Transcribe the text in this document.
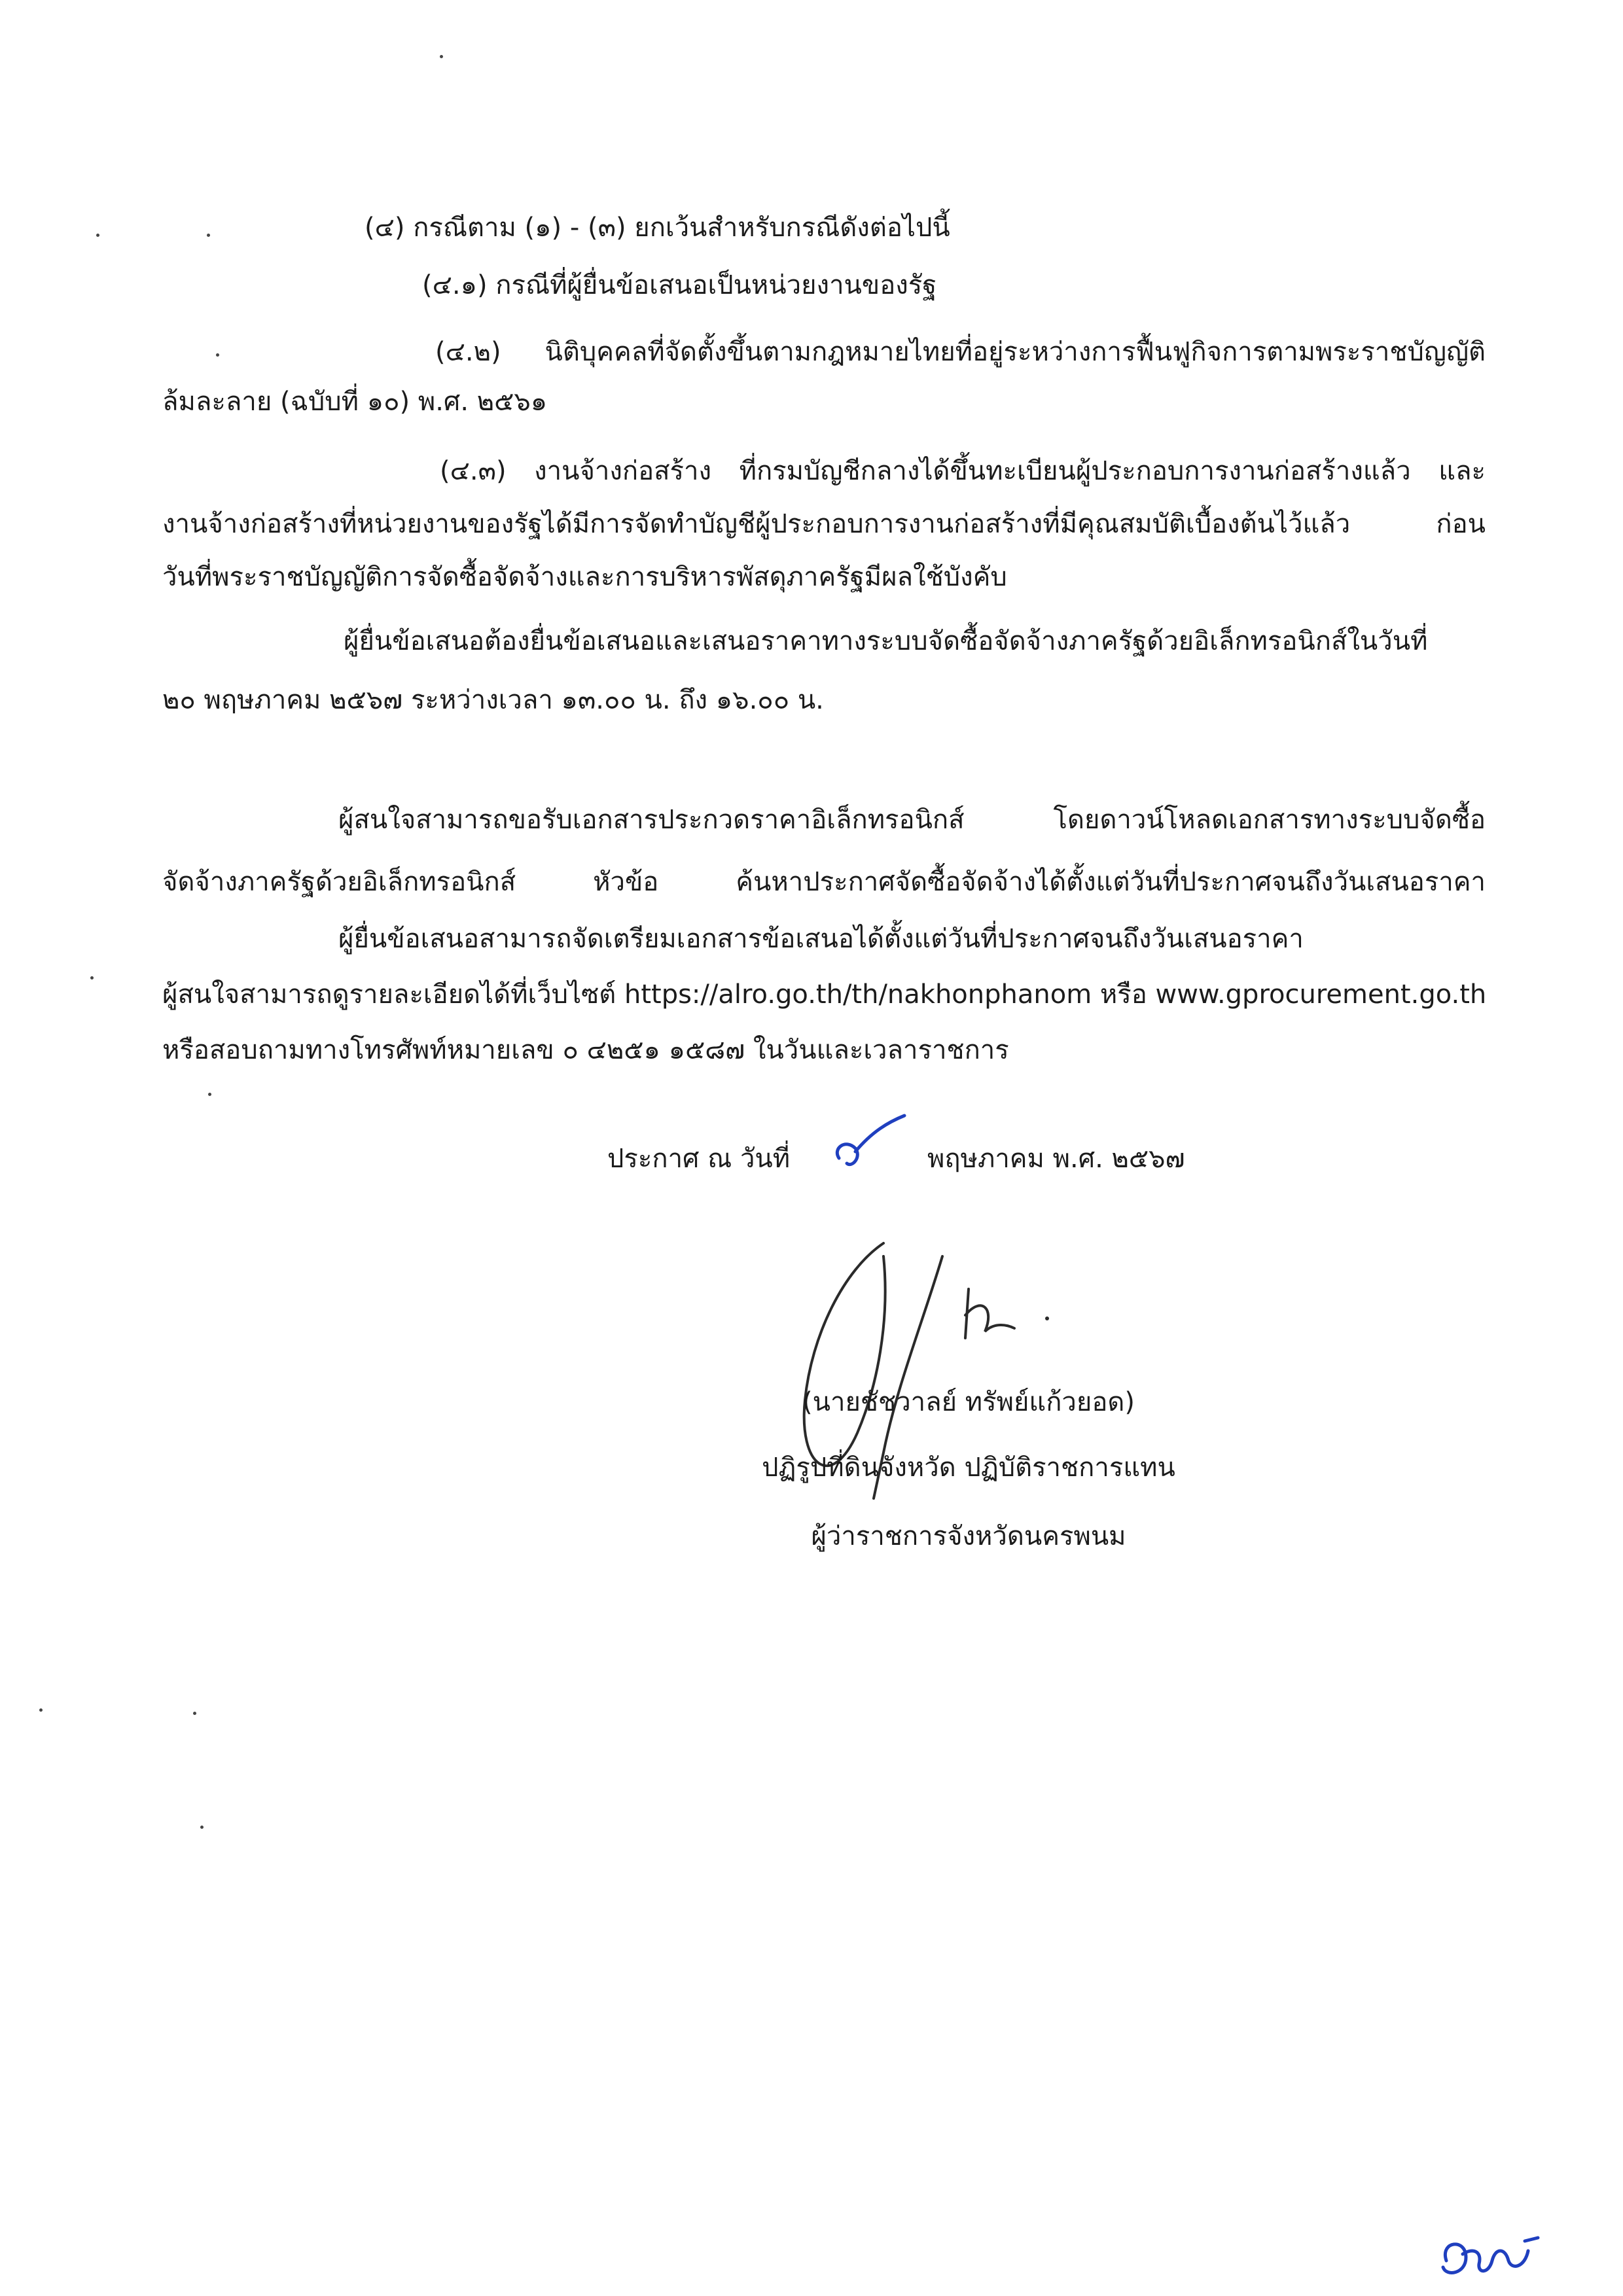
(๔) กรณีตาม (๑) - (๓) ยกเว้นสำหรับกรณีดังต่อไปนี้
(๔.๑) กรณีที่ผู้ยื่นข้อเสนอเป็นหน่วยงานของรัฐ
(๔.๒) นิติบุคคลที่จัดตั้งขึ้นตามกฎหมายไทยที่อยู่ระหว่างการฟื้นฟูกิจการตามพระราชบัญญัติ
ล้มละลาย (ฉบับที่ ๑๐) พ.ศ. ๒๕๖๑
(๔.๓) งานจ้างก่อสร้าง ที่กรมบัญชีกลางได้ขึ้นทะเบียนผู้ประกอบการงานก่อสร้างแล้ว และ
งานจ้างก่อสร้างที่หน่วยงานของรัฐได้มีการจัดทำบัญชีผู้ประกอบการงานก่อสร้างที่มีคุณสมบัติเบื้องต้นไว้แล้ว ก่อน
วันที่พระราชบัญญัติการจัดซื้อจัดจ้างและการบริหารพัสดุภาครัฐมีผลใช้บังคับ
ผู้ยื่นข้อเสนอต้องยื่นข้อเสนอและเสนอราคาทางระบบจัดซื้อจัดจ้างภาครัฐด้วยอิเล็กทรอนิกส์ในวันที่
๒๐ พฤษภาคม ๒๕๖๗ ระหว่างเวลา ๑๓.๐๐ น. ถึง ๑๖.๐๐ น.
ผู้สนใจสามารถขอรับเอกสารประกวดราคาอิเล็กทรอนิกส์ โดยดาวน์โหลดเอกสารทางระบบจัดซื้อ
จัดจ้างภาครัฐด้วยอิเล็กทรอนิกส์ หัวข้อ ค้นหาประกาศจัดซื้อจัดจ้างได้ตั้งแต่วันที่ประกาศจนถึงวันเสนอราคา
ผู้ยื่นข้อเสนอสามารถจัดเตรียมเอกสารข้อเสนอได้ตั้งแต่วันที่ประกาศจนถึงวันเสนอราคา
ผู้สนใจสามารถดูรายละเอียดได้ที่เว็บไซต์ https://alro.go.th/th/nakhonphanom หรือ www.gprocurement.go.th
หรือสอบถามทางโทรศัพท์หมายเลข ๐ ๔๒๕๑ ๑๕๘๗ ในวันและเวลาราชการ
ประกาศ ณ วันที่	พฤษภาคม พ.ศ. ๒๕๖๗
(นายชัชวาลย์ ทรัพย์แก้วยอด)
ปฏิรูปที่ดินจังหวัด ปฏิบัติราชการแทน
ผู้ว่าราชการจังหวัดนครพนม
